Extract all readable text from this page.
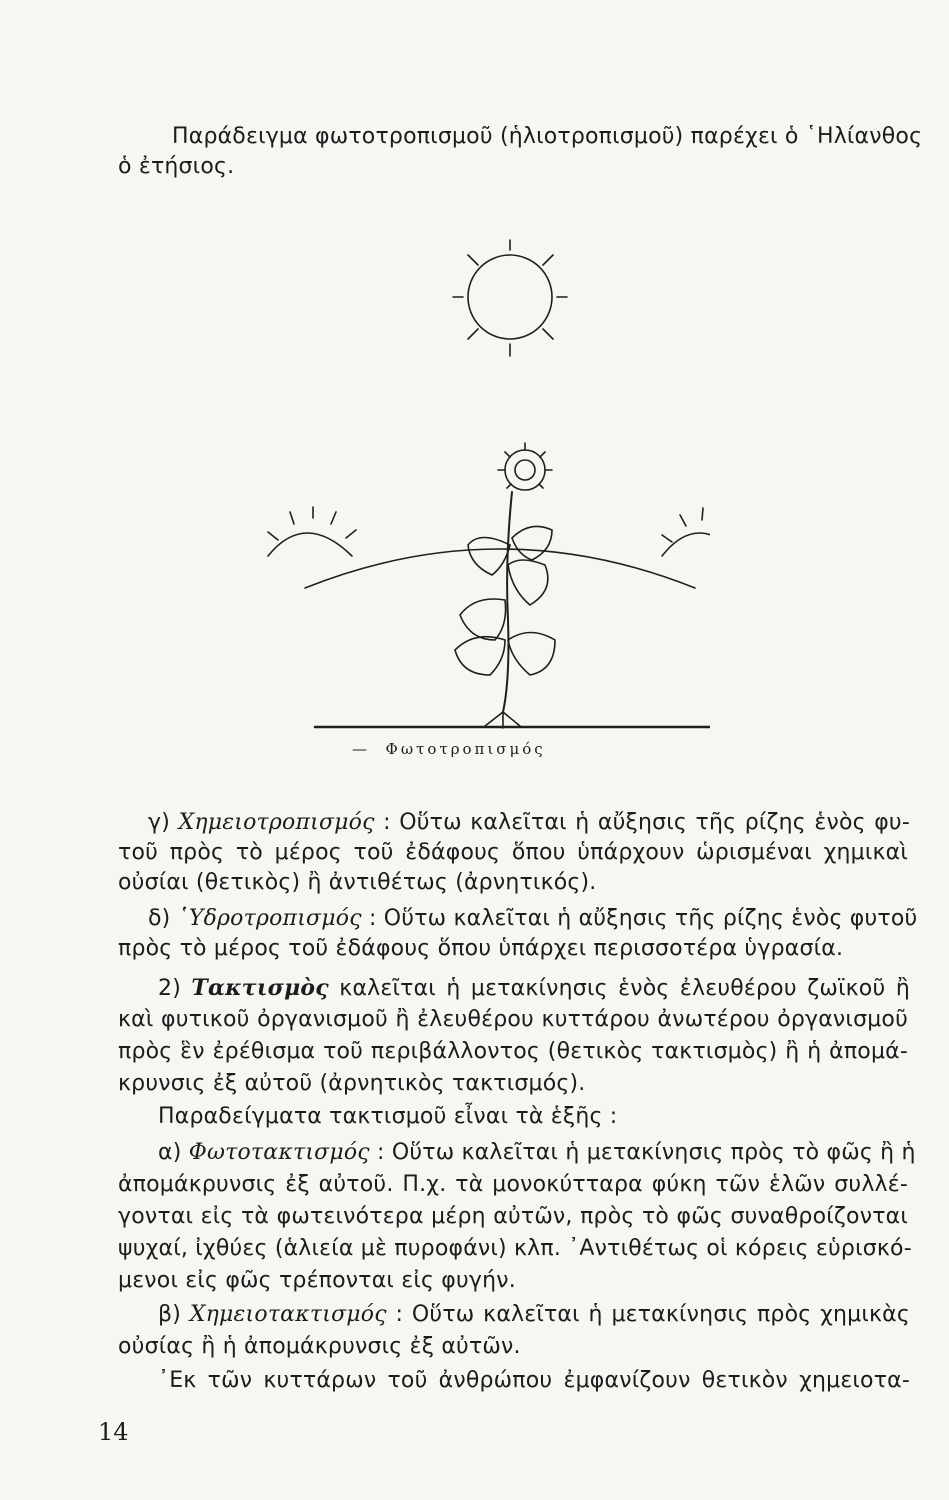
Παράδειγμα φωτοτροπισμοῦ (ἡλιοτροπισμοῦ) παρέχει ὁ ῾Ηλίανθος
ὁ ἐτήσιος.
— Φωτοτροπισμός
γ) Χημειοτροπισμός : Οὕτω καλεῖται ἡ αὔξησις τῆς ρίζης ἑνὸς φυ-
τοῦ πρὸς τὸ μέρος τοῦ ἐδάφους ὅπου ὑπάρχουν ὡρισμέναι χημικαὶ
οὐσίαι (θετικὸς) ἢ ἀντιθέτως (ἀρνητικός).
δ) ῾Υδροτροπισμός : Οὕτω καλεῖται ἡ αὔξησις τῆς ρίζης ἑνὸς φυτοῦ
πρὸς τὸ μέρος τοῦ ἐδάφους ὅπου ὑπάρχει περισσοτέρα ὑγρασία.
2) Τακτισμὸς καλεῖται ἡ μετακίνησις ἑνὸς ἐλευθέρου ζωϊκοῦ ἢ
καὶ φυτικοῦ ὀργανισμοῦ ἢ ἐλευθέρου κυττάρου ἀνωτέρου ὀργανισμοῦ
πρὸς ἓν ἐρέθισμα τοῦ περιβάλλοντος (θετικὸς τακτισμὸς) ἢ ἡ ἀπομά-
κρυνσις ἐξ αὐτοῦ (ἀρνητικὸς τακτισμός).
Παραδείγματα τακτισμοῦ εἶναι τὰ ἑξῆς :
α) Φωτοτακτισμός : Οὕτω καλεῖται ἡ μετακίνησις πρὸς τὸ φῶς ἢ ἡ
ἀπομάκρυνσις ἐξ αὐτοῦ. Π.χ. τὰ μονοκύτταρα φύκη τῶν ἑλῶν συλλέ-
γονται εἰς τὰ φωτεινότερα μέρη αὐτῶν, πρὸς τὸ φῶς συναθροίζονται
ψυχαί, ἰχθύες (ἁλιεία μὲ πυροφάνι) κλπ. ᾽Αντιθέτως οἱ κόρεις εὑρισκό-
μενοι εἰς φῶς τρέπονται εἰς φυγήν.
β) Χημειοτακτισμός : Οὕτω καλεῖται ἡ μετακίνησις πρὸς χημικὰς
οὐσίας ἢ ἡ ἀπομάκρυνσις ἐξ αὐτῶν.
᾽Εκ τῶν κυττάρων τοῦ ἀνθρώπου ἐμφανίζουν θετικὸν χημειοτα-
14
